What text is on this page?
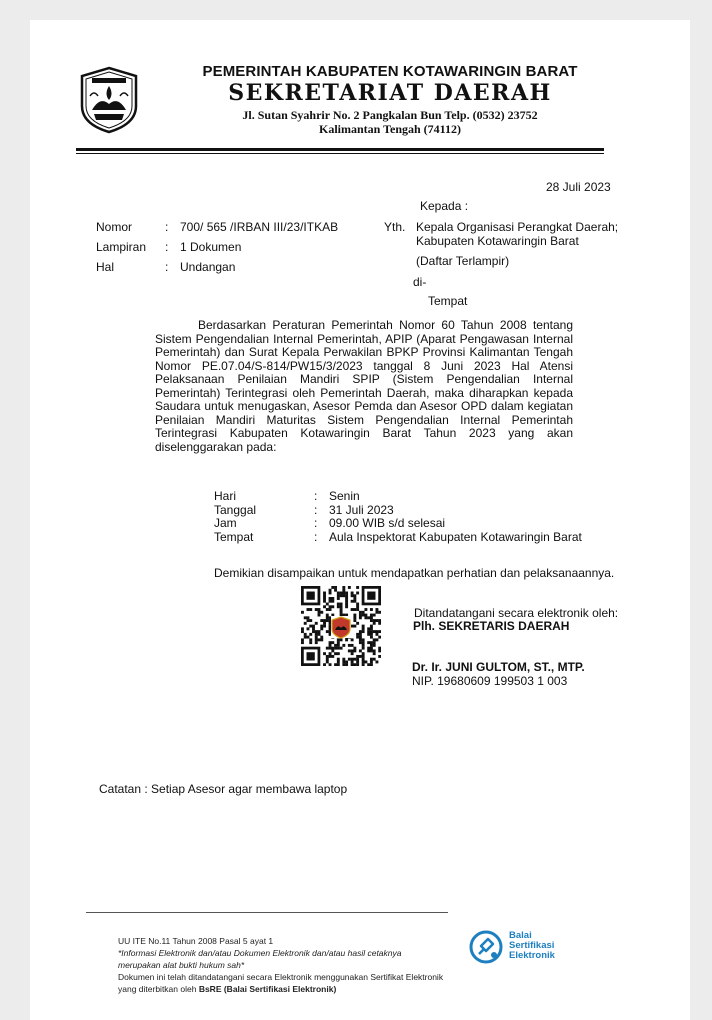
PEMERINTAH KABUPATEN KOTAWARINGIN BARAT
SEKRETARIAT DAERAH
Jl. Sutan Syahrir No. 2 Pangkalan Bun Telp. (0532) 23752
Kalimantan Tengah (74112)
28 Juli 2023
Kepada :
Yth. Kepala Organisasi Perangkat Daerah;
Kabupaten Kotawaringin Barat
(Daftar Terlampir)
di-
Tempat
Nomor	: 700/ 565 /IRBAN III/23/ITKAB
Lampiran : 1 Dokumen
Hal	: Undangan
Berdasarkan Peraturan Pemerintah Nomor 60 Tahun 2008 tentang Sistem Pengendalian Internal Pemerintah, APIP (Aparat Pengawasan Internal Pemerintah) dan Surat Kepala Perwakilan BPKP Provinsi Kalimantan Tengah Nomor PE.07.04/S-814/PW15/3/2023 tanggal 8 Juni 2023 Hal Atensi Pelaksanaan Penilaian Mandiri SPIP (Sistem Pengendalian Internal Pemerintah) Terintegrasi oleh Pemerintah Daerah, maka diharapkan kepada Saudara untuk menugaskan, Asesor Pemda dan Asesor OPD dalam kegiatan Penilaian Mandiri Maturitas Sistem Pengendalian Internal Pemerintah Terintegrasi Kabupaten Kotawaringin Barat Tahun 2023 yang akan diselenggarakan pada:
Hari	: Senin
Tanggal	: 31 Juli 2023
Jam	: 09.00 WIB s/d selesai
Tempat	: Aula Inspektorat Kabupaten Kotawaringin Barat
Demikian disampaikan untuk mendapatkan perhatian dan pelaksanaannya.
Ditandatangani secara elektronik oleh:
Plh. SEKRETARIS DAERAH
Dr. Ir. JUNI GULTOM, ST., MTP.
NIP. 19680609 199503 1 003
Catatan : Setiap Asesor agar membawa laptop
UU ITE No.11 Tahun 2008 Pasal 5 ayat 1
*Informasi Elektronik dan/atau Dokumen Elektronik dan/atau hasil cetaknya
merupakan alat bukti hukum sah*
Dokumen ini telah ditandatangani secara Elektronik menggunakan Sertifikat Elektronik
yang diterbitkan oleh BsRE (Balai Sertifikasi Elektronik)
Balai
Sertifikasi
Elektronik
